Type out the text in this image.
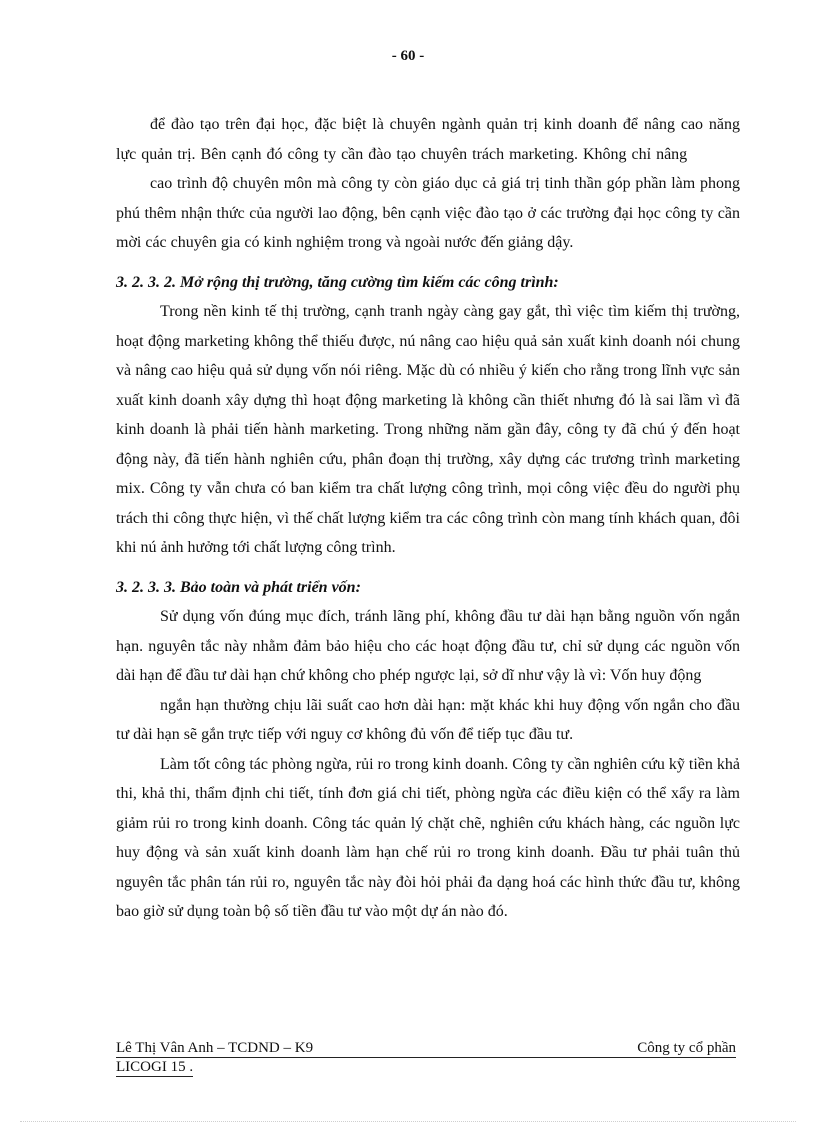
- 60 -

để đào tạo trên đại học, đặc biệt là chuyên ngành quản trị kinh doanh để nâng cao năng lực quản trị. Bên cạnh đó công ty cần đào tạo chuyên trách marketing. Không chỉ nâng

cao trình độ chuyên môn mà công ty còn giáo dục cả giá trị tinh thần góp phần làm phong phú thêm nhận thức của người lao động, bên cạnh việc đào tạo ở các trường đại học công ty cần mời các chuyên gia có kinh nghiệm trong và ngoài nước đến giảng dậy.

3. 2. 3. 2. Mở rộng thị trường, tăng cường tìm kiếm các công trình:

Trong nền kinh tế thị trường, cạnh tranh ngày càng gay gắt, thì việc tìm kiếm thị trường, hoạt động marketing không thể thiếu được, nú nâng cao hiệu quả sản xuất kinh doanh nói chung và nâng cao hiệu quả sử dụng vốn nói riêng. Mặc dù có nhiều ý kiến cho rằng trong lĩnh vực sản xuất kinh doanh xây dựng thì hoạt động marketing là không cần thiết nhưng đó là sai lầm vì đã kinh doanh là phải tiến hành marketing. Trong những năm gần đây, công ty đã chú ý đến hoạt động này, đã tiến hành nghiên cứu, phân đoạn thị trường, xây dựng các trương trình marketing mix. Công ty vẫn chưa có ban kiểm tra chất lượng công trình, mọi công việc đều do người phụ trách thi công thực hiện, vì thế chất lượng kiểm tra các công trình còn mang tính khách quan, đôi khi nú ảnh hưởng tới chất lượng công trình.

3. 2. 3. 3. Bảo toàn và phát triển vốn:

Sử dụng vốn đúng mục đích, tránh lãng phí, không đầu tư dài hạn bằng nguồn vốn ngắn hạn. nguyên tắc này nhằm đảm bảo hiệu cho các hoạt động đầu tư, chỉ sử dụng các nguồn vốn dài hạn để đầu tư dài hạn chứ không cho phép ngược lại, sở dĩ như vậy là vì: Vốn huy động

ngắn hạn thường chịu lãi suất cao hơn dài hạn: mặt khác khi huy động vốn ngắn cho đầu tư dài hạn sẽ gắn trực tiếp với nguy cơ không đủ vốn để tiếp tục đầu tư.

Làm tốt công tác phòng ngừa, rủi ro trong kinh doanh. Công ty cần nghiên cứu kỹ tiền khả thi, khả thi, thẩm định chi tiết, tính đơn giá chi tiết, phòng ngừa các điều kiện có thể xẩy ra làm giảm rủi ro trong kinh doanh. Công tác quản lý chặt chẽ, nghiên cứu khách hàng, các nguồn lực huy động và sản xuất kinh doanh làm hạn chế rủi ro trong kinh doanh. Đầu tư phải tuân thủ nguyên tắc phân tán rủi ro, nguyên tắc này đòi hỏi phải đa dạng hoá các hình thức đầu tư, không bao giờ sử dụng toàn bộ số tiền đầu tư vào một dự án nào đó.

Lê Thị Vân Anh – TCDND – K9	Công ty cổ phần
LICOGI 15 .
